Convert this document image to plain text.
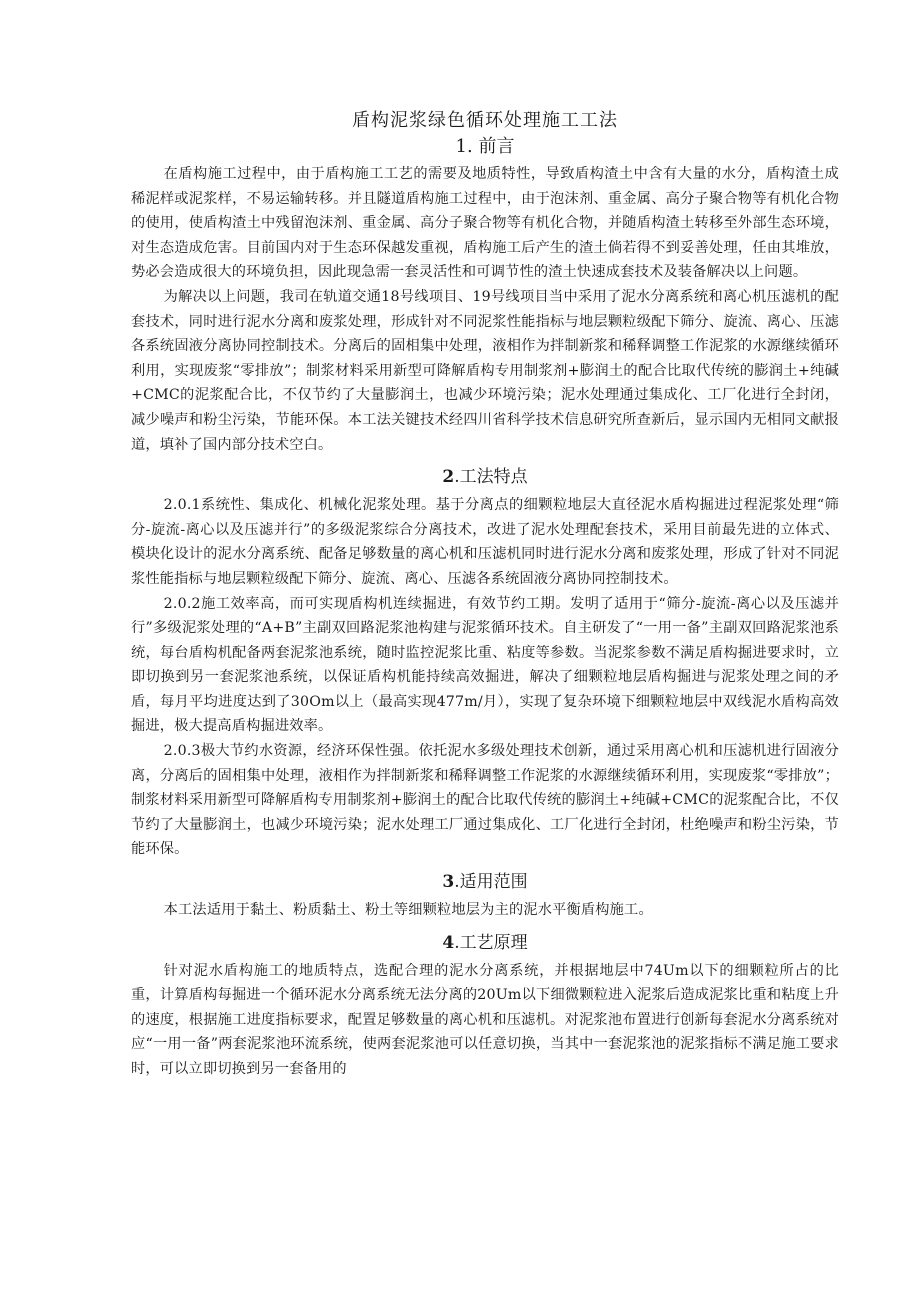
盾构泥浆绿色循环处理施工工法
1. 前言

在盾构施工过程中，由于盾构施工工艺的需要及地质特性，导致盾构渣土中含有大量的水分，盾构渣土成稀泥样或泥浆样，不易运输转移。并且隧道盾构施工过程中，由于泡沫剂、重金属、高分子聚合物等有机化合物的使用，使盾构渣土中残留泡沫剂、重金属、高分子聚合物等有机化合物，并随盾构渣土转移至外部生态环境，对生态造成危害。目前国内对于生态环保越发重视，盾构施工后产生的渣土倘若得不到妥善处理，任由其堆放，势必会造成很大的环境负担，因此现急需一套灵活性和可调节性的渣土快速成套技术及装备解决以上问题。

为解决以上问题，我司在轨道交通18号线项目、19号线项目当中采用了泥水分离系统和离心机压滤机的配套技术，同时进行泥水分离和废浆处理，形成针对不同泥浆性能指标与地层颗粒级配下筛分、旋流、离心、压滤各系统固液分离协同控制技术。分离后的固相集中处理，液相作为拌制新浆和稀释调整工作泥浆的水源继续循环利用，实现废浆“零排放”；制浆材料采用新型可降解盾构专用制浆剂+膨润土的配合比取代传统的膨润土+纯碱+CMC的泥浆配合比，不仅节约了大量膨润土，也减少环境污染；泥水处理通过集成化、工厂化进行全封闭，减少噪声和粉尘污染，节能环保。本工法关键技术经四川省科学技术信息研究所查新后，显示国内无相同文献报道，填补了国内部分技术空白。

2.工法特点

2.0.1系统性、集成化、机械化泥浆处理。基于分离点的细颗粒地层大直径泥水盾构掘进过程泥浆处理“筛分-旋流-离心以及压滤并行”的多级泥浆综合分离技术，改进了泥水处理配套技术，采用目前最先进的立体式、模块化设计的泥水分离系统、配备足够数量的离心机和压滤机同时进行泥水分离和废浆处理，形成了针对不同泥浆性能指标与地层颗粒级配下筛分、旋流、离心、压滤各系统固液分离协同控制技术。

2.0.2施工效率高，而可实现盾构机连续掘进，有效节约工期。发明了适用于“筛分-旋流-离心以及压滤并行”多级泥浆处理的“A+B”主副双回路泥浆池构建与泥浆循环技术。自主研发了“一用一备”主副双回路泥浆池系统，每台盾构机配备两套泥浆池系统，随时监控泥浆比重、粘度等参数。当泥浆参数不满足盾构掘进要求时，立即切换到另一套泥浆池系统，以保证盾构机能持续高效掘进，解决了细颗粒地层盾构掘进与泥浆处理之间的矛盾，每月平均进度达到了30Om以上（最高实现477m∕月），实现了复杂环境下细颗粒地层中双线泥水盾构高效掘进，极大提高盾构掘进效率。

2.0.3极大节约水资源，经济环保性强。依托泥水多级处理技术创新，通过采用离心机和压滤机进行固液分离，分离后的固相集中处理，液相作为拌制新浆和稀释调整工作泥浆的水源继续循环利用，实现废浆“零排放”；制浆材料采用新型可降解盾构专用制浆剂+膨润土的配合比取代传统的膨润土+纯碱+CMC的泥浆配合比，不仅节约了大量膨润土，也减少环境污染；泥水处理工厂通过集成化、工厂化进行全封闭，杜绝噪声和粉尘污染，节能环保。

3.适用范围

本工法适用于黏土、粉质黏土、粉土等细颗粒地层为主的泥水平衡盾构施工。

4.工艺原理

针对泥水盾构施工的地质特点，选配合理的泥水分离系统，并根据地层中74Um以下的细颗粒所占的比重，计算盾构每掘进一个循环泥水分离系统无法分离的20Um以下细微颗粒进入泥浆后造成泥浆比重和粘度上升的速度，根据施工进度指标要求，配置足够数量的离心机和压滤机。对泥浆池布置进行创新每套泥水分离系统对应“一用一备”两套泥浆池环流系统，使两套泥浆池可以任意切换，当其中一套泥浆池的泥浆指标不满足施工要求时，可以立即切换到另一套备用的
